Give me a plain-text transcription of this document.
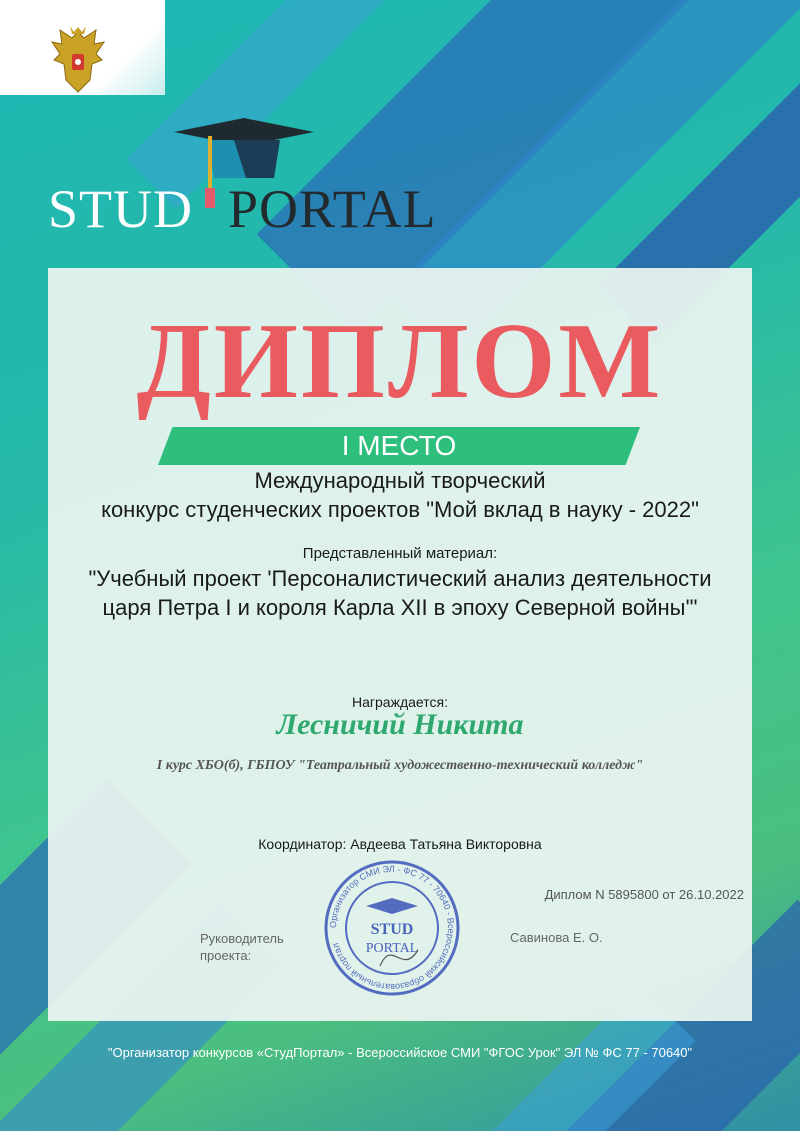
STUD PORTAL
ДИПЛОМ
I МЕСТО
Международный творческий
конкурс студенческих проектов "Мой вклад в науку - 2022"
Представленный материал:
"Учебный проект 'Персоналистический анализ деятельности
царя Петра I и короля Карла XII в эпоху Северной войны'"
Награждается:
Лесничий Никита
I курс ХБО(б), ГБПОУ "Театральный художественно-технический колледж"
Координатор: Авдеева Татьяна Викторовна
Диплом N 5895800 от 26.10.2022
Руководитель проекта:
Савинова Е. О.
Организатор СМИ ЭЛ - ФС 77 - 70640 - Всероссийский образовательный портал
STUD
PORTAL
"Организатор конкурсов «СтудПортал» - Всероссийское СМИ "ФГОС Урок" ЭЛ № ФС 77 - 70640"
